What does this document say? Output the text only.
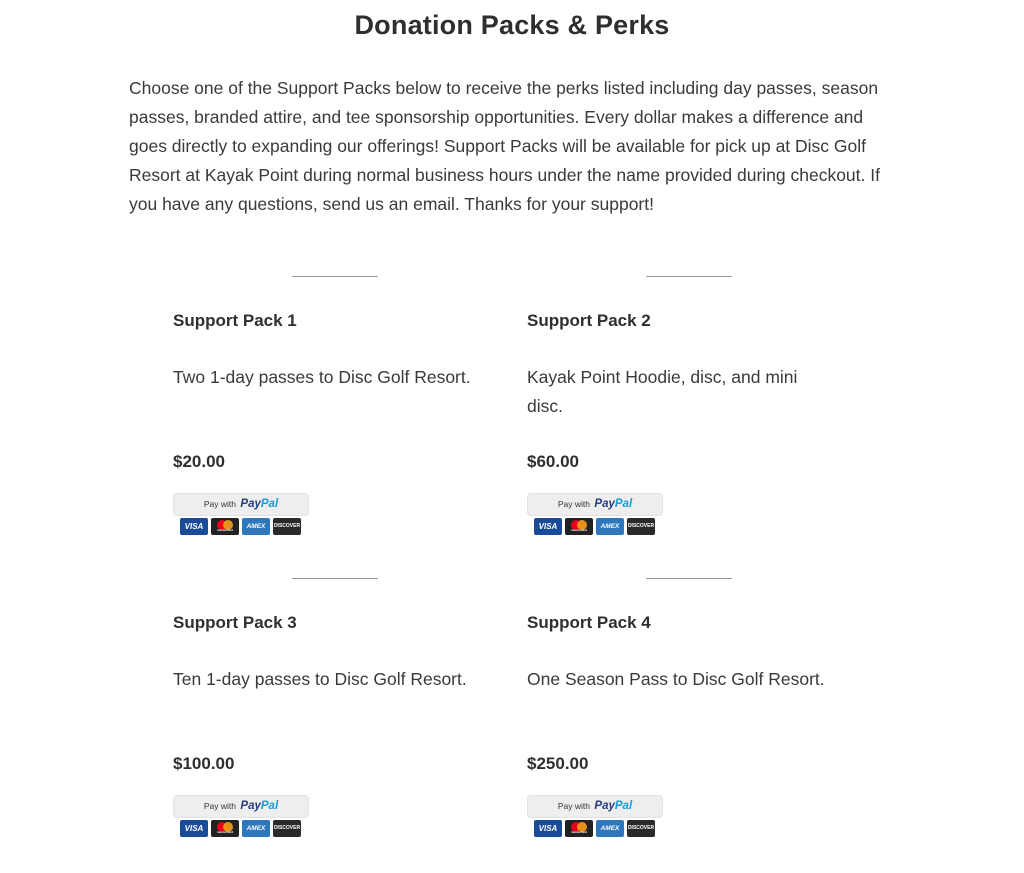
Donation Packs & Perks

Choose one of the Support Packs below to receive the perks listed including day passes, season passes, branded attire, and tee sponsorship opportunities. Every dollar makes a difference and goes directly to expanding our offerings! Support Packs will be available for pick up at Disc Golf Resort at Kayak Point during normal business hours under the name provided during checkout. If you have any questions, send us an email. Thanks for your support!

Support Pack 1
Two 1-day passes to Disc Golf Resort.
$20.00
Pay with PayPal
VISA	mastercard	AMEX	DISCOVER
Support Pack 2
Kayak Point Hoodie, disc, and mini disc.
$60.00
Pay with PayPal
VISA	mastercard	AMEX	DISCOVER
Support Pack 3
Ten 1-day passes to Disc Golf Resort.
$100.00
Pay with PayPal
VISA	mastercard	AMEX	DISCOVER
Support Pack 4
One Season Pass to Disc Golf Resort.
$250.00
Pay with PayPal
VISA	mastercard	AMEX	DISCOVER
